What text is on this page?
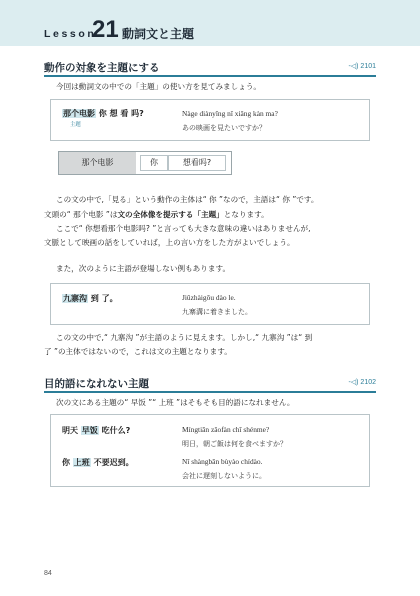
Lesson
21 動詞文と主題
動作の対象を主題にする	-◁) 2101
今回は動詞文の中での「主題」の使い方を見てみましょう。
那个电影 你 想 看 吗?
主題
Nàge diànyǐng nǐ xiǎng kàn ma?
あの映画を見たいですか？
那个电影	你	想看吗?
この文の中で,「見る」という動作の主体は“ 你 ”なので，主語は“ 你 ”です。
文頭の“ 那个电影 ”は文の全体像を提示する「主題」となります。
ここで“ 你想看那个电影吗? ”と言っても大きな意味の違いはありませんが,
文脈として映画の話をしていれば，上の言い方をした方がよいでしょう。
また，次のように主語が登場しない例もあります。
九寨沟 到 了。	Jiǔzhàigōu dào le.
九寨溝に着きました。
この文の中で,“ 九寨沟 ”が主語のように見えます。しかし,“ 九寨沟 ”は“ 到
了 ”の主体ではないので，これは文の主題となります。
目的語になれない主題	-◁) 2102
次の文にある主題の“ 早饭 ”“ 上班 ”はそもそも目的語になれません。
明天 早饭 吃什么?	Míngtiān zǎofàn chī shénme?
明日，朝ご飯は何を食べますか？
你 上班 不要迟到。	Nǐ shàngbān bùyào chídào.
会社に遅刻しないように。
84
